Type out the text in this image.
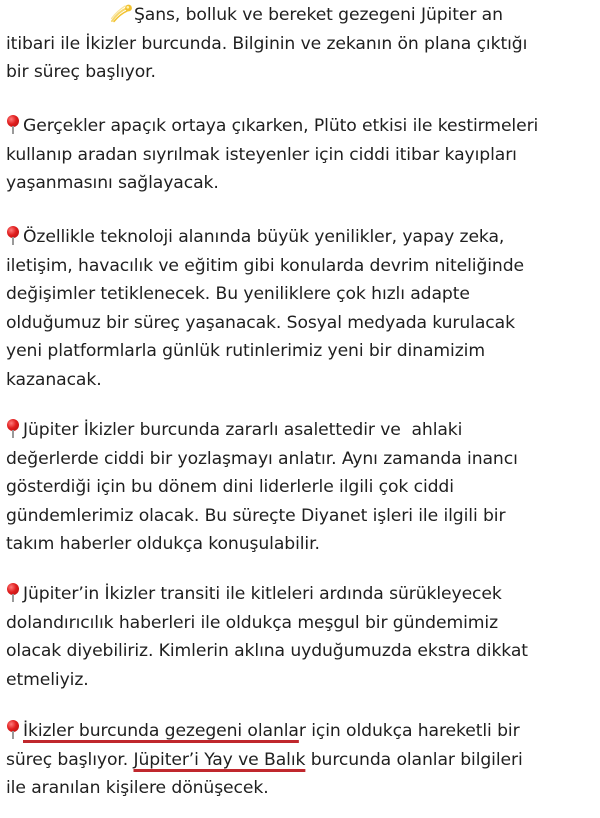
Şans, bolluk ve bereket gezegeni Jüpiter an
itibari ile İkizler burcunda. Bilginin ve zekanın ön plana çıktığı
bir süreç başlıyor.

Gerçekler apaçık ortaya çıkarken, Plüto etkisi ile kestirmeleri
kullanıp aradan sıyrılmak isteyenler için ciddi itibar kayıpları
yaşanmasını sağlayacak.

Özellikle teknoloji alanında büyük yenilikler, yapay zeka,
iletişim, havacılık ve eğitim gibi konularda devrim niteliğinde
değişimler tetiklenecek. Bu yeniliklere çok hızlı adapte
olduğumuz bir süreç yaşanacak. Sosyal medyada kurulacak
yeni platformlarla günlük rutinlerimiz yeni bir dinamizim
kazanacak.

Jüpiter İkizler burcunda zararlı asalettedir ve  ahlaki
değerlerde ciddi bir yozlaşmayı anlatır. Aynı zamanda inancı
gösterdiği için bu dönem dini liderlerle ilgili çok ciddi
gündemlerimiz olacak. Bu süreçte Diyanet işleri ile ilgili bir
takım haberler oldukça konuşulabilir.

Jüpiter’in İkizler transiti ile kitleleri ardında sürükleyecek
dolandırıcılık haberleri ile oldukça meşgul bir gündemimiz
olacak diyebiliriz. Kimlerin aklına uyduğumuzda ekstra dikkat
etmeliyiz.

İkizler burcunda gezegeni olanlar için oldukça hareketli bir
süreç başlıyor. Jüpiter’i Yay ve Balık burcunda olanlar bilgileri
ile aranılan kişilere dönüşecek.
